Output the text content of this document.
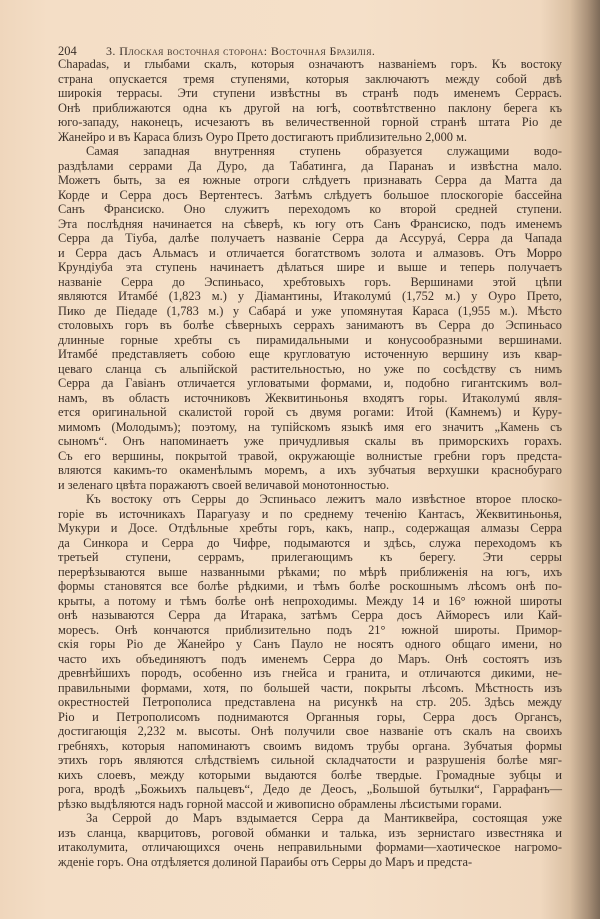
204 3. Плоская восточная сторона: Восточная Бразилія.
Chapadas, и глыбами скалъ, которыя означаютъ названіемъ горъ. Къ востоку
страна опускается тремя ступенями, которыя заключаютъ между собой двѣ
широкія террасы. Эти ступени извѣстны въ странѣ подъ именемъ Серрасъ.
Онѣ приближаются одна къ другой на югѣ, соотвѣтственно паклону берега къ
юго-западу, наконецъ, исчезаютъ въ величественной горной странѣ штата Ріо де
Жанейро и въ Караса близъ Оуро Прето достигаютъ приблизительно 2,000 м.
Самая западная внутренняя ступень образуется служащими водо-
раздѣлами серрами Да Дуро, да Табатинга, да Паранаъ и извѣстна мало.
Можетъ быть, за ея южные отроги слѣдуетъ признавать Серра да Матта да
Корде и Серра досъ Вертентесъ. Затѣмъ слѣдуетъ большое плоскогоріе бассейна
Санъ Франсиско. Оно служитъ переходомъ ко второй средней ступени.
Эта послѣдняя начинается на сѣверѣ, къ югу отъ Санъ Франсиско, подъ именемъ
Серра да Тіуба, далѣе получаетъ названіе Серра да Ассуруá, Серра да Чапада
и Серра дасъ Альмасъ и отличается богатствомъ золота и алмазовъ. Отъ Морро
Крундіуба эта ступень начинаетъ дѣлаться шире и выше и теперь получаетъ
названіе Серра до Эспиньасо, хребтовыхъ горъ. Вершинами этой цѣпи
являются Итамбé (1,823 м.) у Діамантины, Итаколумú (1,752 м.) у Оуро Прето,
Пико де Піедаде (1,783 м.) у Сабарá и уже упомянутая Караса (1,955 м.). Мѣсто
столовыхъ горъ въ болѣе сѣверныхъ серрахъ занимаютъ въ Серра до Эспиньасо
длинные горные хребты съ пирамидальными и конусообразными вершинами.
Итамбé представляетъ собою еще кругловатую источенную вершину изъ квар-
цеваго сланца съ альпійской растительностью, но уже по сосѣдству съ нимъ
Серра да Гавіанъ отличается угловатыми формами, и, подобно гигантскимъ вол-
намъ, въ область источниковъ Жеквитиньонья входятъ горы. Итаколумú явля-
ется оригинальной скалистой горой съ двумя рогами: Итой (Камнемъ) и Куру-
мимомъ (Молодымъ); поэтому, на тупійскомъ языкѣ имя его значитъ „Камень съ
сыномъ“. Онъ напоминаетъ уже причудливыя скалы въ приморскихъ горахъ.
Съ его вершины, покрытой травой, окружающіе волнистые гребни горъ предста-
вляются какимъ-то окаменѣлымъ моремъ, а ихъ зубчатыя верхушки краснобураго
и зеленаго цвѣта поражаютъ своей величавой монотонностью.
Къ востоку отъ Серры до Эспиньасо лежитъ мало извѣстное второе плоско-
горіе въ источникахъ Парагуазу и по среднему теченію Кантасъ, Жеквитиньонья,
Мукури и Досе. Отдѣльные хребты горъ, какъ, напр., содержащая алмазы Серра
да Синкора и Серра до Чифре, подымаются и здѣсь, служа переходомъ къ
третьей ступени, серрамъ, прилегающимъ къ берегу. Эти серры
перерѣзываются выше названными рѣками; по мѣрѣ приближенія на югъ, ихъ
формы становятся все болѣе рѣдкими, и тѣмъ болѣе роскошнымъ лѣсомъ онѣ по-
крыты, а потому и тѣмъ болѣе онѣ непроходимы. Между 14 и 16° южной широты
онѣ называются Серра да Итарака, затѣмъ Серра досъ Айморесъ или Кай-
моресъ. Онѣ кончаются приблизительно подъ 21° южной широты. Примор-
скія горы Ріо де Жанейро у Санъ Пауло не носятъ одного общаго имени, но
часто ихъ объединяютъ подъ именемъ Серра до Маръ. Онѣ состоятъ изъ
древнѣйшихъ породъ, особенно изъ гнейса и гранита, и отличаются дикими, не-
правильными формами, хотя, по большей части, покрыты лѣсомъ. Мѣстность изъ
окрестностей Петрополиса представлена на рисункѣ на стр. 205. Здѣсь между
Ріо и Петрополисомъ поднимаются Органныя горы, Серра досъ Органсъ,
достигающія 2,232 м. высоты. Онѣ получили свое названіе отъ скалъ на своихъ
гребняхъ, которыя напоминаютъ своимъ видомъ трубы органа. Зубчатыя формы
этихъ горъ являются слѣдствіемъ сильной складчатости и разрушенія болѣе мяг-
кихъ слоевъ, между которыми выдаются болѣе твердые. Громадные зубцы и
рога, вродѣ „Божьихъ пальцевъ“, Дедо де Деосъ, „Большой бутылки“, Гаррафанъ—
рѣзко выдѣляются надъ горной массой и живописно обрамлены лѣсистыми горами.
За Серрой до Маръ вздымается Серра да Мантиквейра, состоящая уже
изъ сланца, кварцитовъ, роговой обманки и талька, изъ зернистаго известняка и
итаколумита, отличающихся очень неправильными формами—хаотическое нагромо-
жденіе горъ. Она отдѣляется долиной Параибы отъ Серры до Маръ и предста-
